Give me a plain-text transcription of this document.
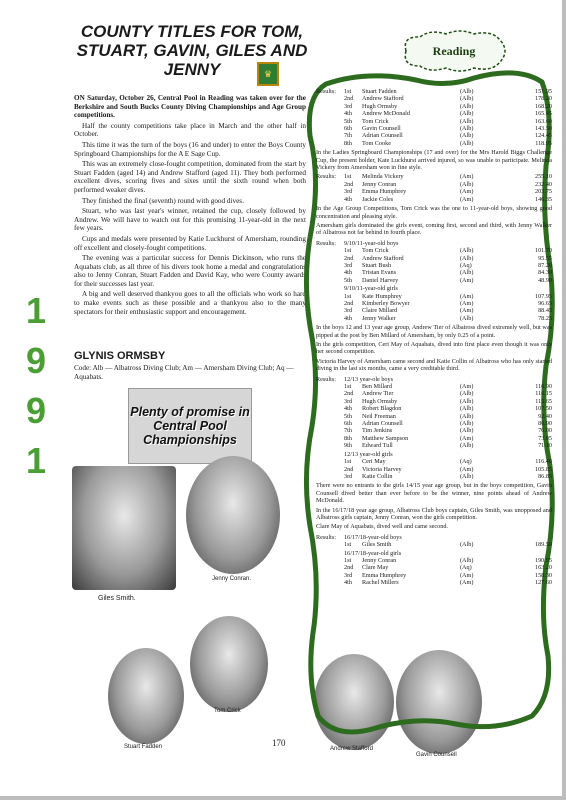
COUNTY TITLES FOR TOM, STUART, GAVIN, GILES AND JENNY	♛

ON Saturday, October 26, Central Pool in Reading was taken over for the Berkshire and South Bucks County Diving Championships and Age Group competitions.

Half the county competitions take place in March and the other half in October.

This time it was the turn of the boys (16 and under) to enter the Boys County Springboard Championships for the A E Sage Cup.

This was an extremely close-fought competition, dominated from the start by Stuart Fadden (aged 14) and Andrew Stafford (aged 11). They both performed excellent dives, scoring fives and sixes until the sixth round when both performed weaker dives.

They finished the final (seventh) round with good dives.

Stuart, who was last year's winner, retained the cup, closely followed by Andrew. We will have to watch out for this promising 11-year-old in the next few years.

Cups and medals were presented by Katie Luckhurst of Amersham, rounding off excellent and closely-fought competitions.

The evening was a particular success for Dennis Dickinson, who runs the Aquabats club, as all three of his divers took home a medal and congratulations also to Jenny Conran, Stuart Fadden and David Kay, who were County awards for their successes last year.

A big and well deserved thankyou goes to all the officials who work so hard to make events such as these possible and a thankyou also to the many spectators for their enthusiastic support and encouragement.

GLYNIS ORMSBY
Code: Alb — Albatross Diving Club; Am — Amersham Diving Club; Aq — Aquabats.
1
9
9
1
Plenty of promise in Central Pool Championships
Giles Smith.
Jenny Conran.
Tom Crick
Stuart Fadden	Andrew Stafford
Gavin Counsell
170
Reading
Results:	1st	Stuart Fadden	(Alb)	151.95
	2nd	Andrew Stafford	(Alb)	178.20
	3rd	Hugh Ormsby	(Alb)	168.20
	4th	Andrew McDonald	(Alb)	165.45
	5th	Tom Crick	(Alb)	163.60
	6th	Gavin Counsell	(Alb)	143.50
	7th	Adrian Counsell	(Alb)	124.45
	8th	Tom Cooke	(Alb)	118.95

In the Ladies Springboard Championships (17 and over) for the Mrs Harold Biggs Challenge Cup, the present holder, Kate Luckhurst arrived injured, so was unable to participate. Melinda Vickery from Amersham won in fine style.

Results:	1st	Melinda Vickery	(Am)	255.10
	2nd	Jenny Conran	(Alb)	232.40
	3rd	Emma Humphrey	(Am)	203.75
	4th	Jackie Coles	(Am)	146.35

In the Age Group Competitions, Tom Crick was the one to 11-year-old boys, showing good concentration and pleasing style.

Amersham girls dominated the girls event, coming first, second and third, with Jenny Walker of Albatross not far behind in fourth place.

Results:	9/10/11-year-old boys			
	1st	Tom Crick	(Alb)	101.70
	2nd	Andrew Stafford	(Alb)	95.55
	3rd	Stuart Bush	(Aq)	87.20
	4th	Tristan Evans	(Alb)	84.30
	5th	Daniel Harvey	(Am)	48.90
	9/10/11-year-old girls			
	1st	Kate Humphrey	(Am)	107.95
	2nd	Kimberley Bowyer	(Am)	96.65
	3rd	Claire Millard	(Am)	88.45
	4th	Jenny Walker	(Alb)	78.25

In the boys 12 and 13 year age group, Andrew Tier of Albatross dived extremely well, but was pipped at the post by Ben Millard of Amersham, by only 0.25 of a point.

In the girls competition, Ceri May of Aquabats, dived into first place even though it was only her second competition.

Victoria Harvey of Amersham came second and Katie Collin of Albatross who has only started diving in the last six months, came a very creditable third.

Results:	12/13 year-ole boys			
	1st	Ben Millard	(Am)	116.90
	2nd	Andrew Tier	(Alb)	116.15
	3rd	Hugh Ormsby	(Alb)	115.65
	4th	Robert Blagdon	(Alb)	107.50
	5th	Neil Freeman	(Alb)	92.40
	6th	Adrian Counsell	(Alb)	86.90
	7th	Tim Jenkins	(Alb)	76.00
	8th	Matthew Sampson	(Am)	73.95
	9th	Edward Tull	(Alb)	71.10
	12/13 year-old girls			
	1st	Ceri May	(Aq)	116.40
	2nd	Victoria Harvey	(Am)	105.85
	3rd	Katie Collin	(Alb)	86.85

There were no entrants to the girls 14/15 year age group, but in the boys competition, Gavin Counsell dived better than ever before to be the winner, nine points ahead of Andrew McDonald.

In the 16/17/18 year age group, Albatross Club boys captain, Giles Smith, was unopposed and Albatross girls captain, Jenny Conran, won the girls competition.

Clare May of Aquabats, dived well and came second.

Results:	16/17/18-year-old boys			
	1st	Giles Smith	(Alb)	189.50
	16/17/18-year-old girls			
	1st	Jenny Conran	(Alb)	190.95
	2nd	Clare May	(Aq)	163.20
	3rd	Emma Humphrey	(Am)	158.30
	4th	Rachel Millers	(Am)	127.60
